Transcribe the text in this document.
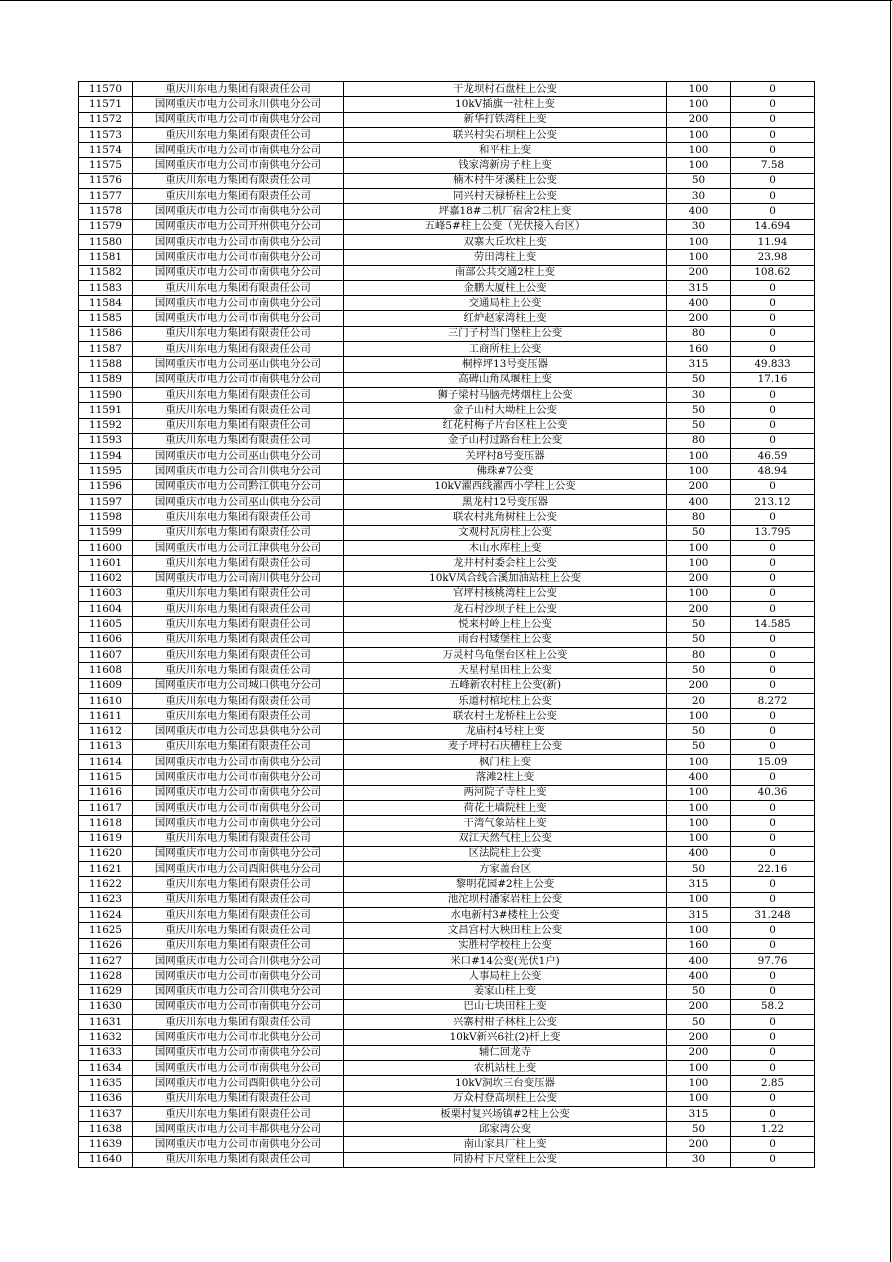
11570	重庆川东电力集团有限责任公司	干龙坝村石盘柱上公变	100	0
11571	国网重庆市电力公司永川供电分公司	10kV插旗一社柱上变	100	0
11572	国网重庆市电力公司市南供电分公司	新华打铁湾柱上变	200	0
11573	重庆川东电力集团有限责任公司	联兴村尖石坝柱上公变	100	0
11574	国网重庆市电力公司市南供电分公司	和平柱上变	100	0
11575	国网重庆市电力公司市南供电分公司	钱家湾新房子柱上变	100	7.58
11576	重庆川东电力集团有限责任公司	楠木村牛牙溪柱上公变	50	0
11577	重庆川东电力集团有限责任公司	同兴村天禄桥柱上公变	30	0
11578	国网重庆市电力公司市南供电分公司	坪嘉18#二机厂宿舍2柱上变	400	0
11579	国网重庆市电力公司开州供电分公司	五峰5#柱上公变（光伏接入台区）	30	14.694
11580	国网重庆市电力公司市南供电分公司	双寨大丘坎柱上变	100	11.94
11581	国网重庆市电力公司市南供电分公司	劳田湾柱上变	100	23.98
11582	国网重庆市电力公司市南供电分公司	南部公共交通2柱上变	200	108.62
11583	重庆川东电力集团有限责任公司	金鹏大厦柱上公变	315	0
11584	国网重庆市电力公司市南供电分公司	交通局柱上公变	400	0
11585	国网重庆市电力公司市南供电分公司	红炉赵家湾柱上变	200	0
11586	重庆川东电力集团有限责任公司	三门子村当门堡柱上公变	80	0
11587	重庆川东电力集团有限责任公司	工商所柱上公变	160	0
11588	国网重庆市电力公司巫山供电分公司	桐梓坪13号变压器	315	49.833
11589	国网重庆市电力公司市南供电分公司	高碑山角凤堰柱上变	50	17.16
11590	重庆川东电力集团有限责任公司	狮子梁村马脑壳烤烟柱上公变	30	0
11591	重庆川东电力集团有限责任公司	金子山村大坳柱上公变	50	0
11592	重庆川东电力集团有限责任公司	红花村梅子片台区柱上公变	50	0
11593	重庆川东电力集团有限责任公司	金子山村过路台柱上公变	80	0
11594	国网重庆市电力公司巫山供电分公司	关坪村8号变压器	100	46.59
11595	国网重庆市电力公司合川供电分公司	佛珠#7公变	100	48.94
11596	国网重庆市电力公司黔江供电分公司	10kV濯西线濯西小学柱上公变	200	0
11597	国网重庆市电力公司巫山供电分公司	黑龙村12号变压器	400	213.12
11598	重庆川东电力集团有限责任公司	联农村兆角树柱上公变	80	0
11599	重庆川东电力集团有限责任公司	文观村瓦房柱上公变	50	13.795
11600	国网重庆市电力公司江津供电分公司	木山水库柱上变	100	0
11601	重庆川东电力集团有限责任公司	龙井村村委会柱上公变	100	0
11602	国网重庆市电力公司南川供电分公司	10kV凤合线合溪加油站柱上公变	200	0
11603	重庆川东电力集团有限责任公司	官坪村核桃湾柱上公变	100	0
11604	重庆川东电力集团有限责任公司	龙石村沙坝子柱上公变	200	0
11605	重庆川东电力集团有限责任公司	悦来村岭上柱上公变	50	14.585
11606	重庆川东电力集团有限责任公司	雨台村矮堡柱上公变	50	0
11607	重庆川东电力集团有限责任公司	万灵村乌龟堡台区柱上公变	80	0
11608	重庆川东电力集团有限责任公司	天星村星田柱上公变	50	0
11609	国网重庆市电力公司城口供电分公司	五峰新农村柱上公变(新)	200	0
11610	重庆川东电力集团有限责任公司	乐道村棺坨柱上公变	20	8.272
11611	重庆川东电力集团有限责任公司	联农村土龙桥柱上公变	100	0
11612	国网重庆市电力公司忠县供电分公司	龙庙村4号柱上变	50	0
11613	重庆川东电力集团有限责任公司	麦子坪村石庆槽柱上公变	50	0
11614	国网重庆市电力公司市南供电分公司	枫门柱上变	100	15.09
11615	国网重庆市电力公司市南供电分公司	落滩2柱上变	400	0
11616	国网重庆市电力公司市南供电分公司	两河院子寺柱上变	100	40.36
11617	国网重庆市电力公司市南供电分公司	荷花土墙院柱上变	100	0
11618	国网重庆市电力公司市南供电分公司	干湾气象站柱上变	100	0
11619	重庆川东电力集团有限责任公司	双江天然气柱上公变	100	0
11620	国网重庆市电力公司市南供电分公司	区法院柱上公变	400	0
11621	国网重庆市电力公司酉阳供电分公司	方家盖台区	50	22.16
11622	重庆川东电力集团有限责任公司	黎明花园#2柱上公变	315	0
11623	重庆川东电力集团有限责任公司	池沱坝村潘家岩柱上公变	100	0
11624	重庆川东电力集团有限责任公司	水电新村3#楼柱上公变	315	31.248
11625	重庆川东电力集团有限责任公司	文昌宫村大秧田柱上公变	100	0
11626	重庆川东电力集团有限责任公司	实胜村学校柱上公变	160	0
11627	国网重庆市电力公司合川供电分公司	米口#14公变(光伏1户)	400	97.76
11628	国网重庆市电力公司市南供电分公司	人事局柱上公变	400	0
11629	国网重庆市电力公司合川供电分公司	姜家山柱上变	50	0
11630	国网重庆市电力公司市南供电分公司	巴山七块田柱上变	200	58.2
11631	重庆川东电力集团有限责任公司	兴寨村柑子林柱上公变	50	0
11632	国网重庆市电力公司市北供电分公司	10kV新兴6社(2)杆上变	200	0
11633	国网重庆市电力公司市南供电分公司	辅仁回龙寺	200	0
11634	国网重庆市电力公司市南供电分公司	农机站柱上变	100	0
11635	国网重庆市电力公司酉阳供电分公司	10kV洞坎三台变压器	100	2.85
11636	重庆川东电力集团有限责任公司	万众村登高坝柱上公变	100	0
11637	重庆川东电力集团有限责任公司	板栗村复兴场镇#2柱上公变	315	0
11638	国网重庆市电力公司丰都供电分公司	邱家湾公变	50	1.22
11639	国网重庆市电力公司市南供电分公司	南山家具厂柱上变	200	0
11640	重庆川东电力集团有限责任公司	同协村下尺堂柱上公变	30	0
